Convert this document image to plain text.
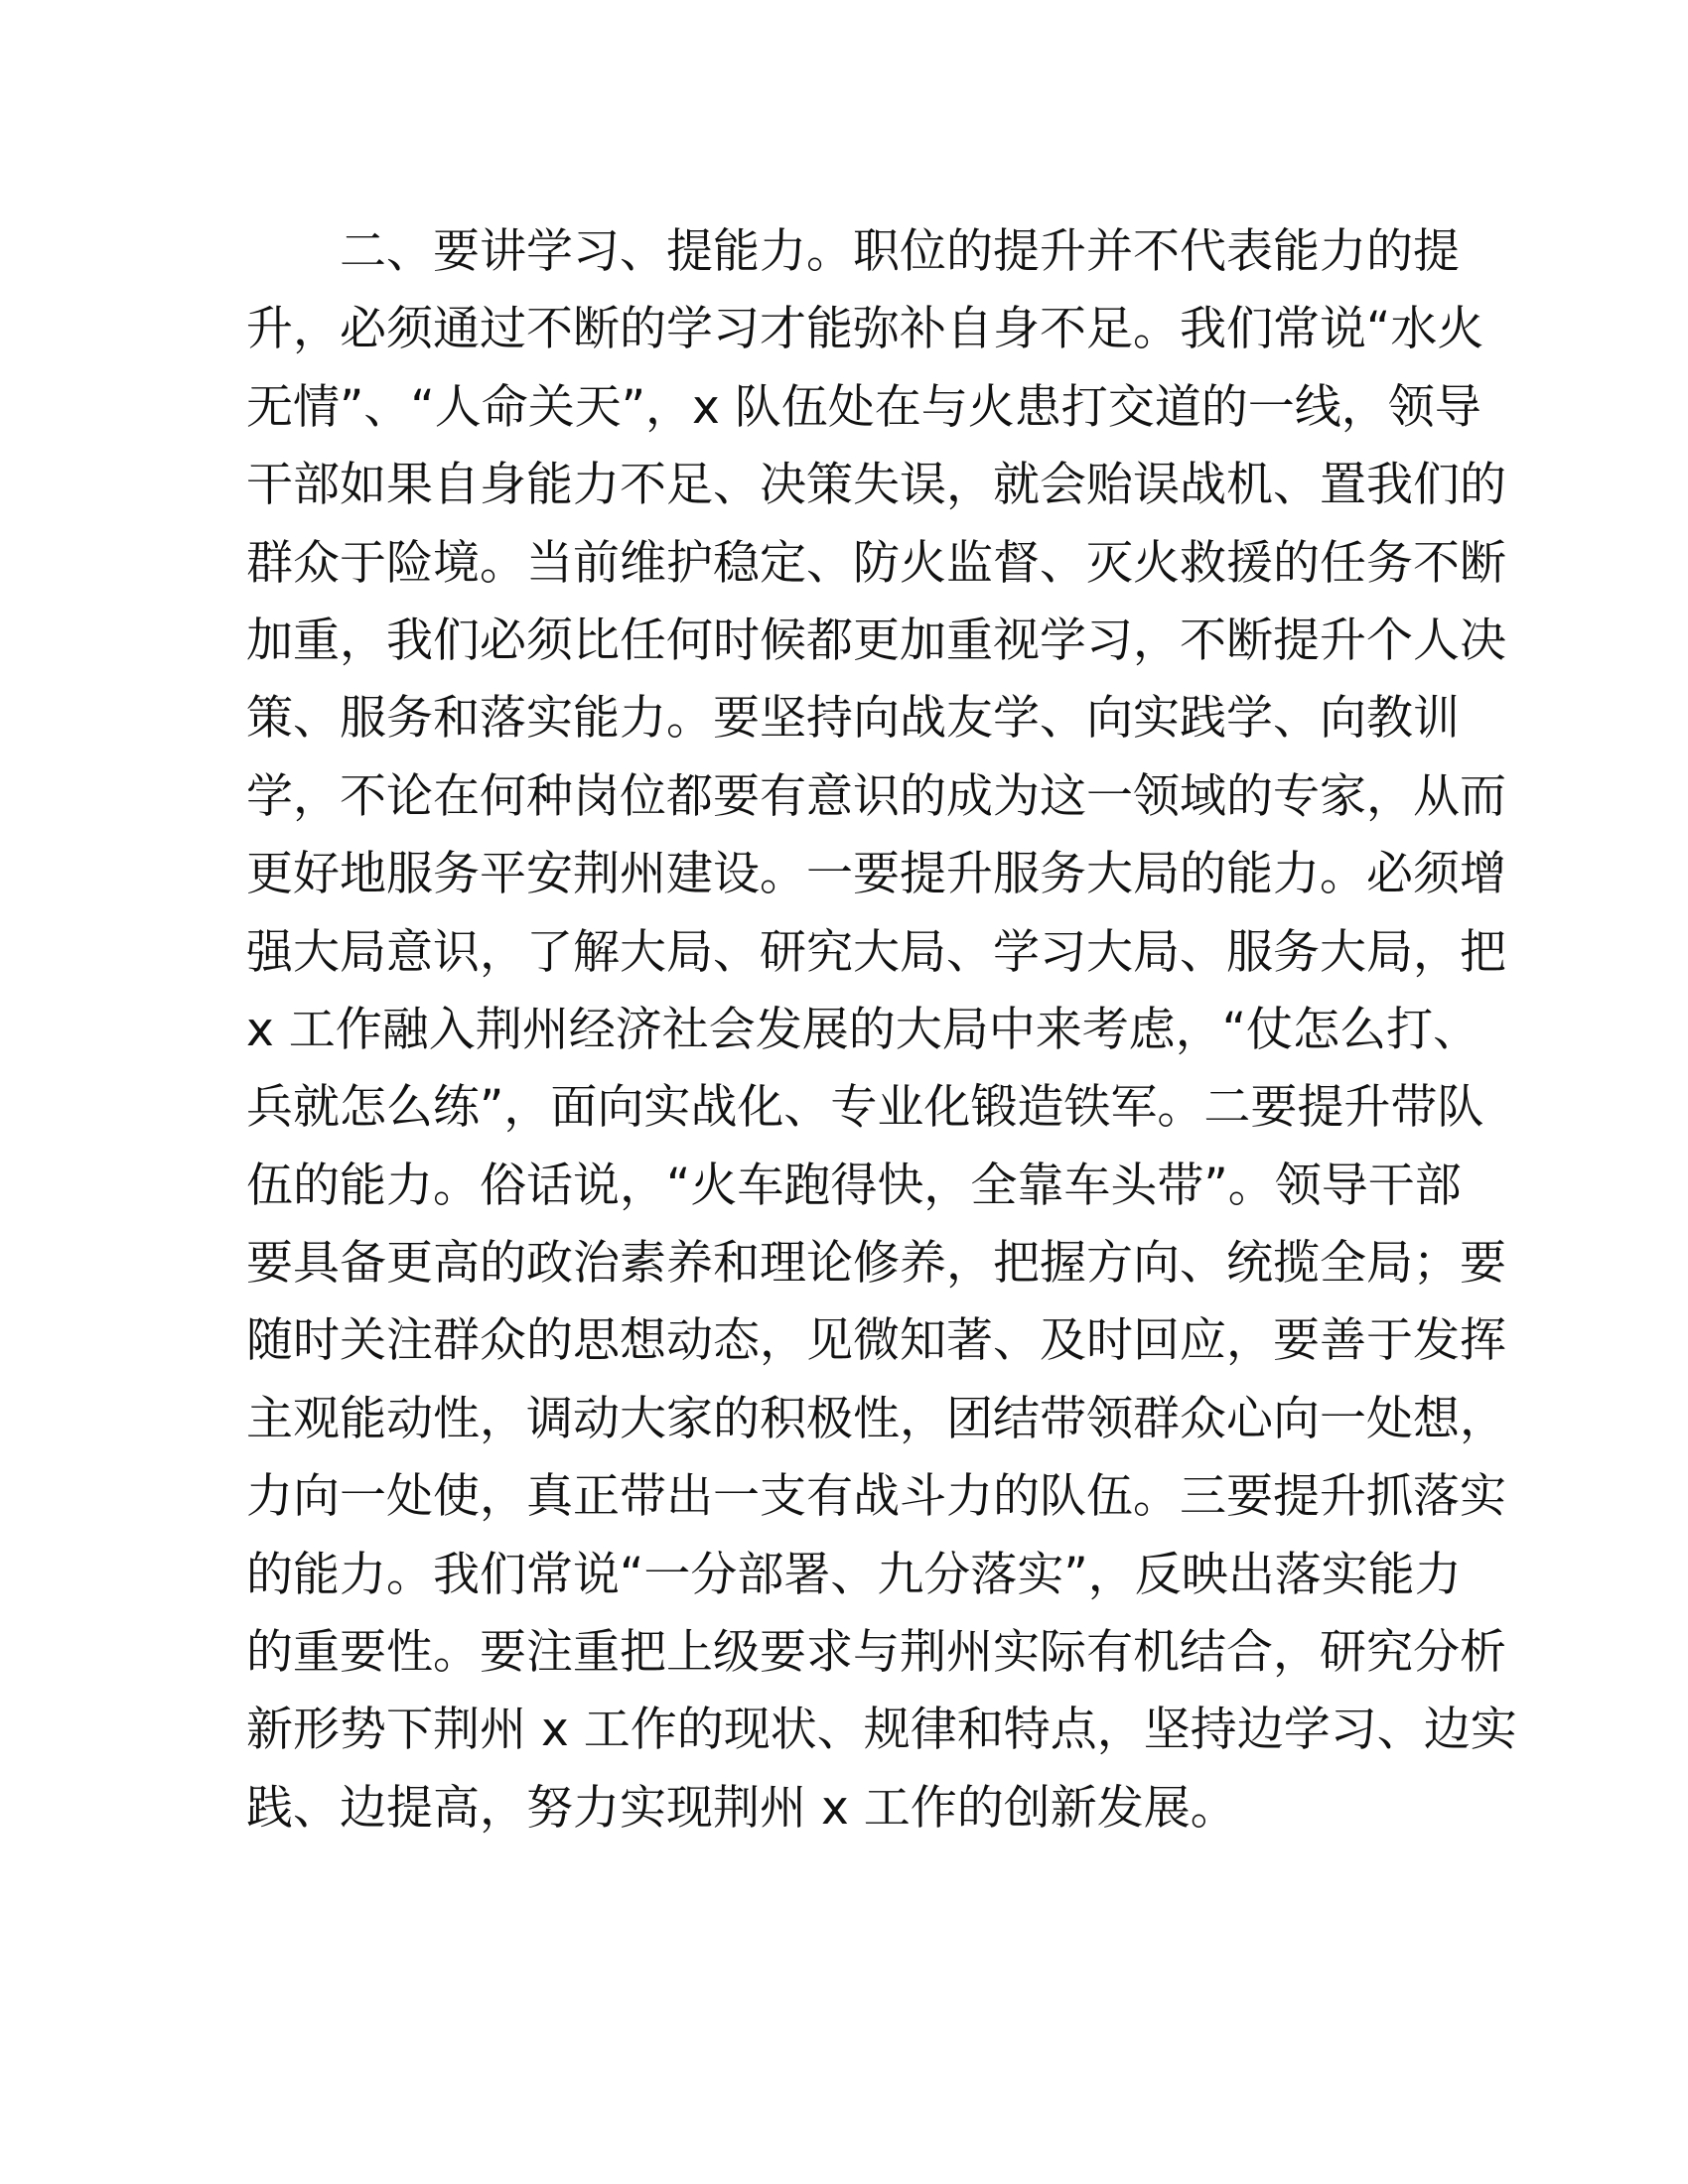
二、要讲学习、提能力。职位的提升并不代表能力的提
升，必须通过不断的学习才能弥补自身不足。我们常说“水火
无情”、“人命关天”，x 队伍处在与火患打交道的一线，领导
干部如果自身能力不足、决策失误，就会贻误战机、置我们的
群众于险境。当前维护稳定、防火监督、灭火救援的任务不断
加重，我们必须比任何时候都更加重视学习，不断提升个人决
策、服务和落实能力。要坚持向战友学、向实践学、向教训
学，不论在何种岗位都要有意识的成为这一领域的专家，从而
更好地服务平安荆州建设。一要提升服务大局的能力。必须增
强大局意识，了解大局、研究大局、学习大局、服务大局，把
x 工作融入荆州经济社会发展的大局中来考虑，“仗怎么打、
兵就怎么练”，面向实战化、专业化锻造铁军。二要提升带队
伍的能力。俗话说，“火车跑得快，全靠车头带”。领导干部
要具备更高的政治素养和理论修养，把握方向、统揽全局；要
随时关注群众的思想动态，见微知著、及时回应，要善于发挥
主观能动性，调动大家的积极性，团结带领群众心向一处想，
力向一处使，真正带出一支有战斗力的队伍。三要提升抓落实
的能力。我们常说“一分部署、九分落实”，反映出落实能力
的重要性。要注重把上级要求与荆州实际有机结合，研究分析
新形势下荆州 x 工作的现状、规律和特点，坚持边学习、边实
践、边提高，努力实现荆州 x 工作的创新发展。
